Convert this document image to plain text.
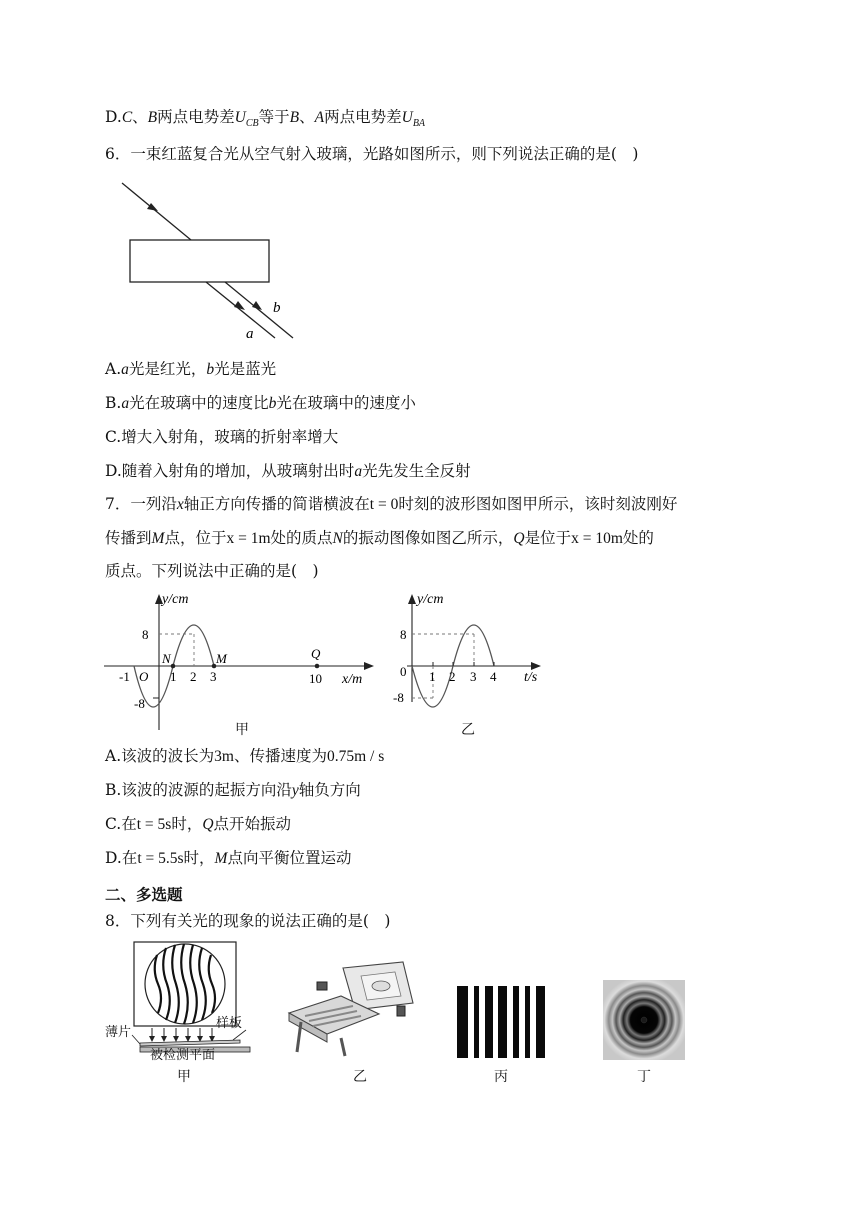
D.C、B两点电势差$U_{CB}$等于B、A两点电势差$U_{BA}$
6．一束红蓝复合光从空气射入玻璃，光路如图所示，则下列说法正确的是(　)
b
a
A.a光是红光，b光是蓝光
B.a光在玻璃中的速度比b光在玻璃中的速度小
C.增大入射角，玻璃的折射率增大
D.随着入射角的增加，从玻璃射出时a光先发生全反射
7．一列沿x轴正方向传播的简谐横波在t = 0时刻的波形图如图甲所示，该时刻波刚好
传播到M点，位于x = 1m处的质点N的振动图像如图乙所示，Q是位于x = 10m处的
质点。下列说法中正确的是(　)
y/cm
x/m
8
-8
-1 O 1 2 3	10
N	M	Q
甲
y/cm
t/s
8
0
-8
1 2 3 4
乙
A.该波的波长为3m、传播速度为0.75m / s
B.该波的波源的起振方向沿y轴负方向
C.在t = 5s时，Q点开始振动
D.在t = 5.5s时，M点向平衡位置运动
二、多选题
8．下列有关光的现象的说法正确的是(　)
薄片
样板
被检测平面
甲	乙	丙	丁
